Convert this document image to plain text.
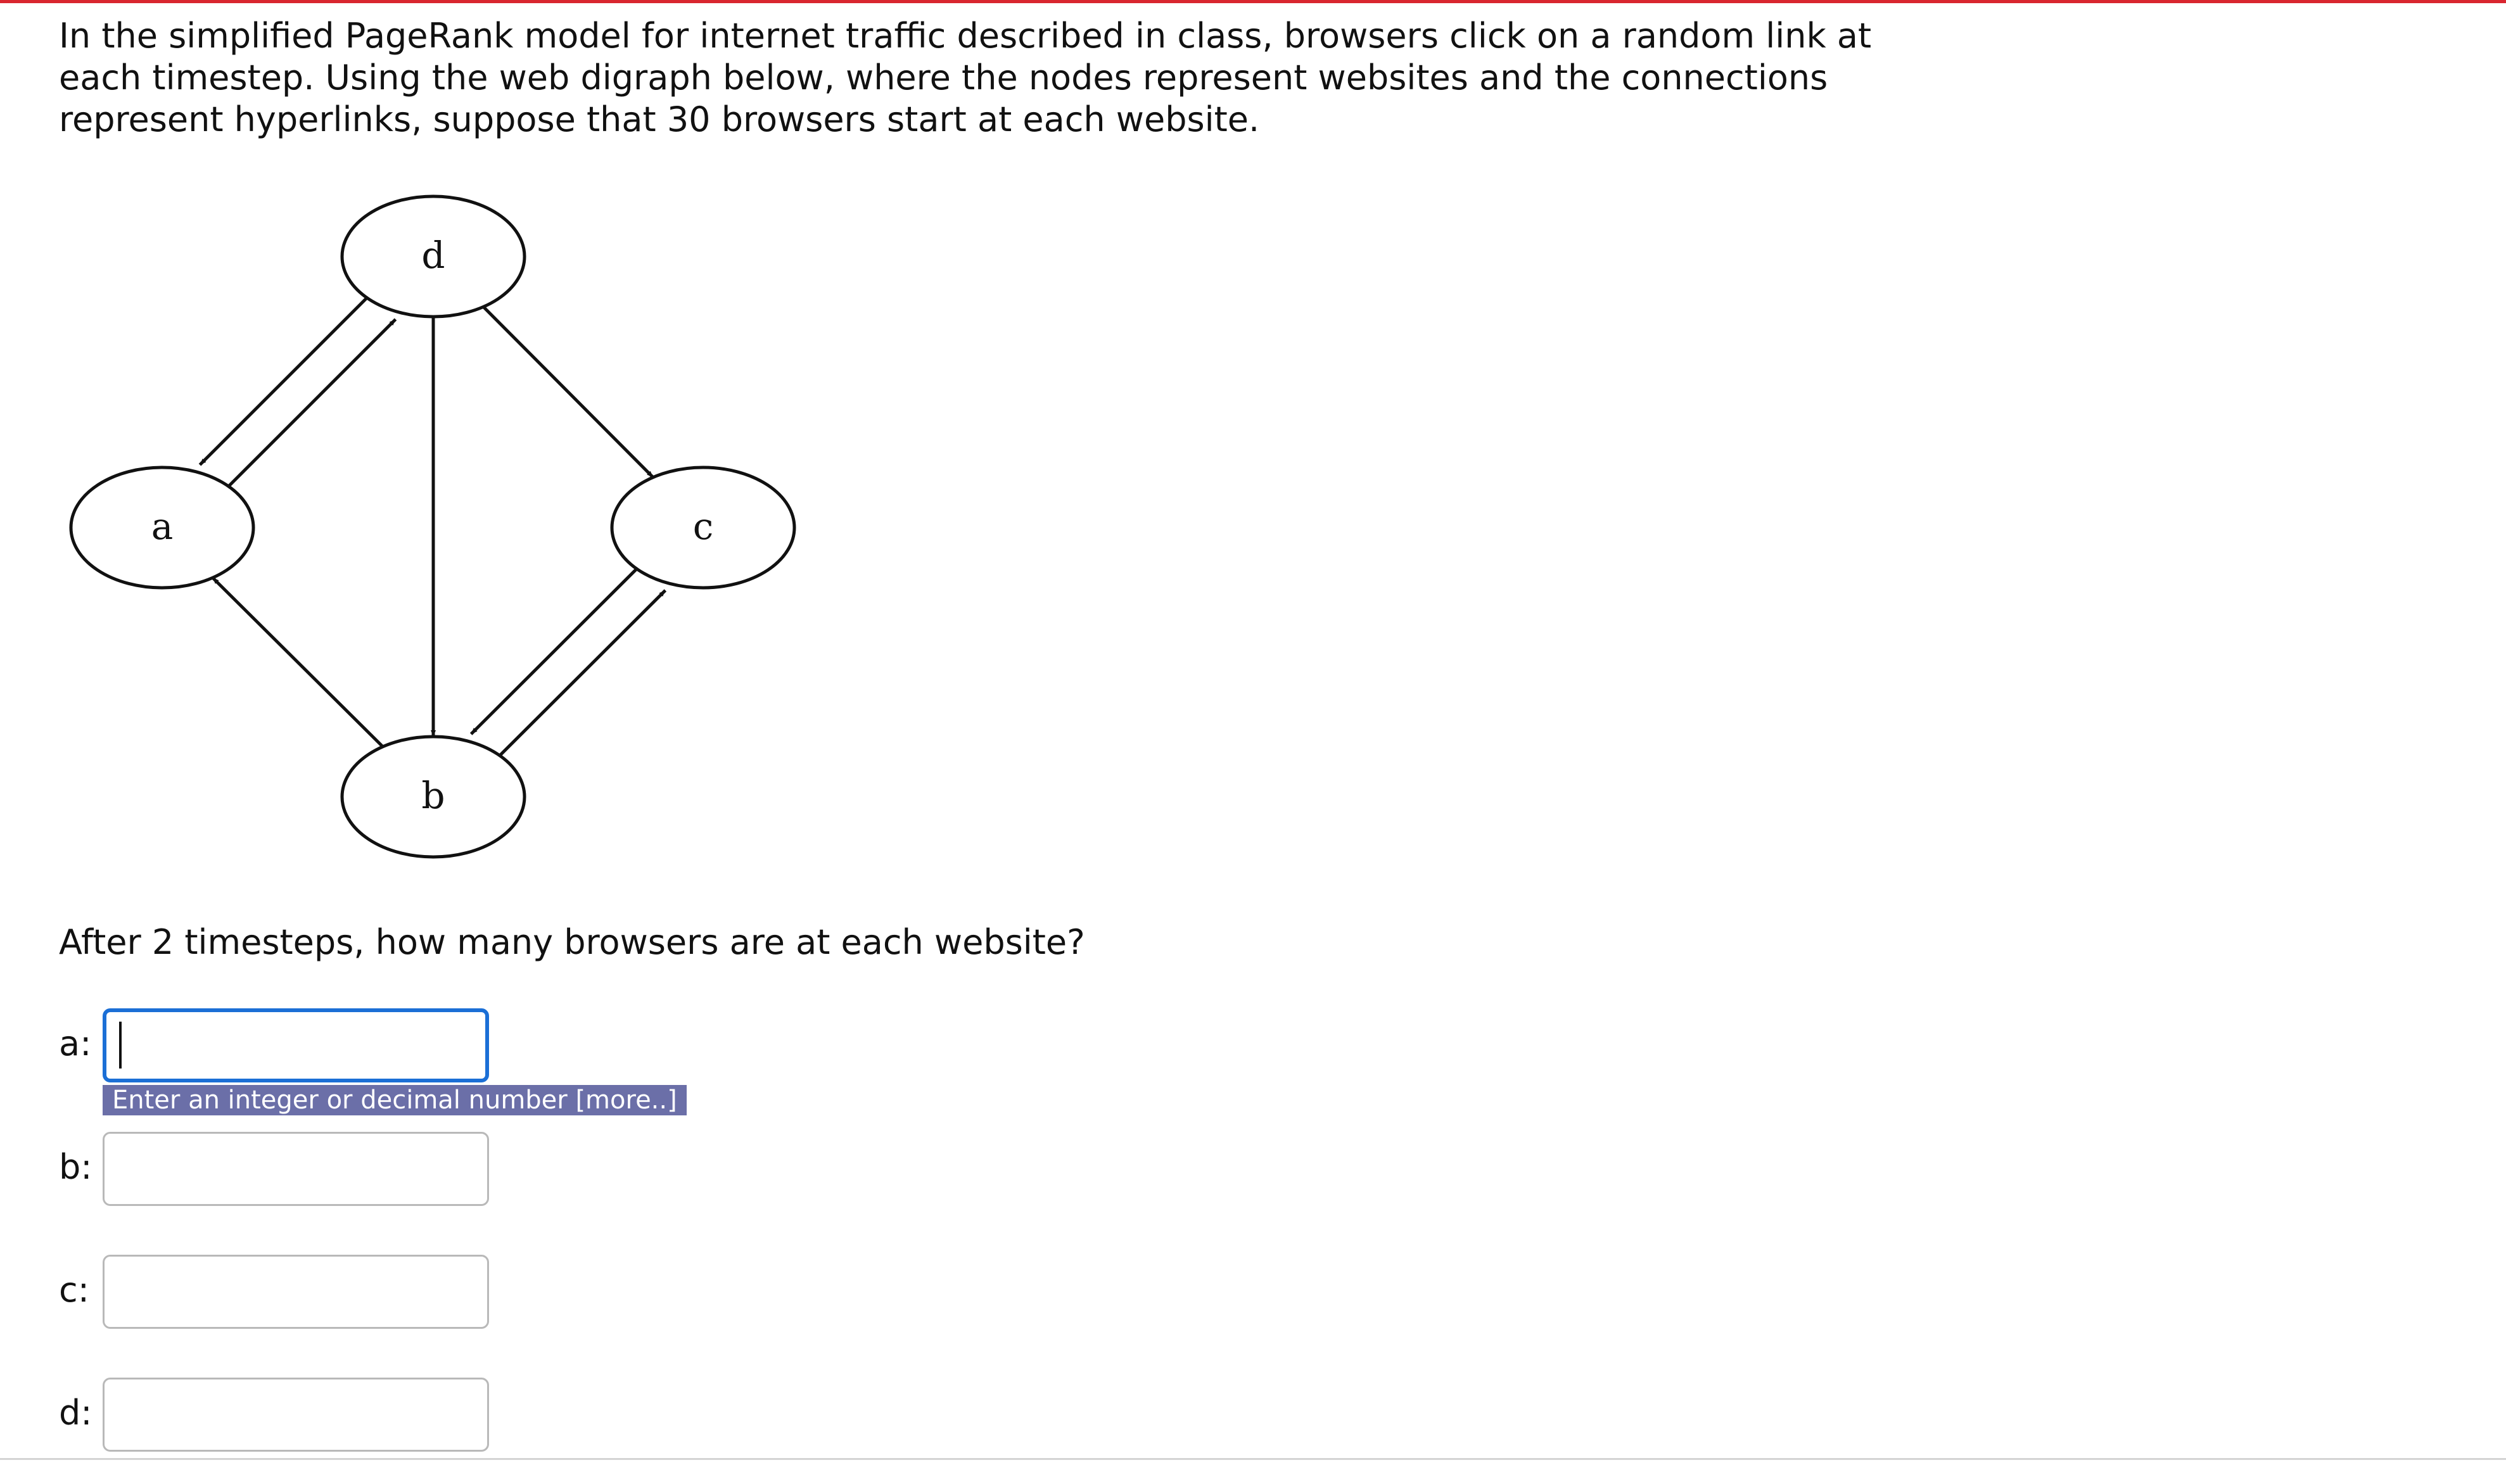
In the simplified PageRank model for internet traffic described in class, browsers click on a random link at

each timestep. Using the web digraph below, where the nodes represent websites and the connections

represent hyperlinks, suppose that 30 browsers start at each website.

d
a	c
b
After 2 timesteps, how many browsers are at each website?
a:
Enter an integer or decimal number [more..]
b:
c:
d:
